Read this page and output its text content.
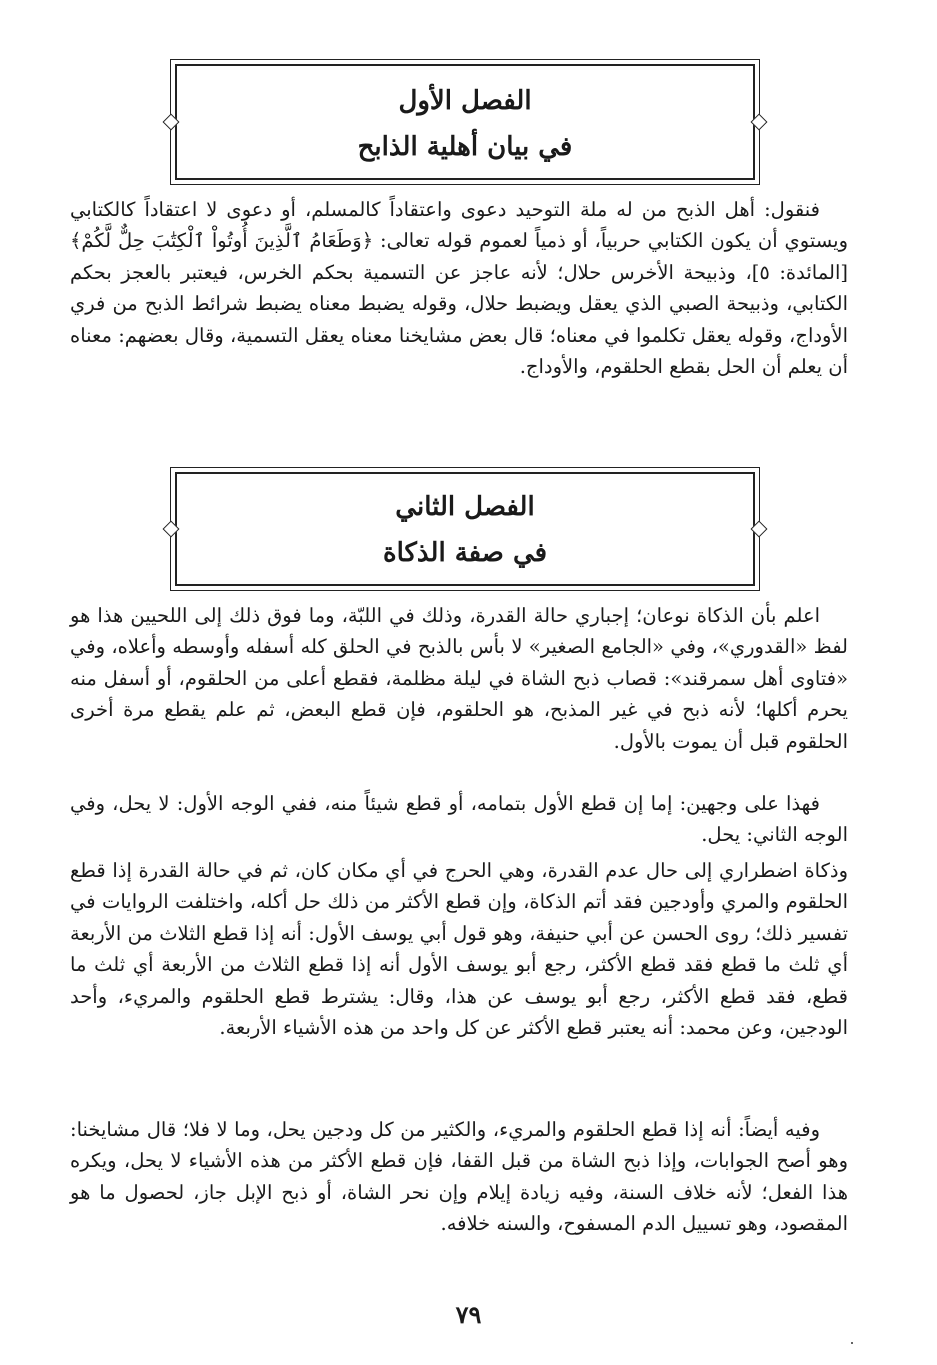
الفصل الأول
في بيان أهلية الذابح

فنقول: أهل الذبح من له ملة التوحيد دعوى واعتقاداً كالمسلم، أو دعوى لا اعتقاداً كالكتابي ويستوي أن يكون الكتابي حربياً، أو ذمياً لعموم قوله تعالى: ﴿وَطَعَامُ ٱلَّذِينَ أُوتُواْ ٱلْكِتَٰبَ حِلٌّ لَّكُمْ﴾ [المائدة: ٥]، وذبيحة الأخرس حلال؛ لأنه عاجز عن التسمية بحكم الخرس، فيعتبر بالعجز بحكم الكتابي، وذبيحة الصبي الذي يعقل ويضبط حلال، وقوله يضبط معناه يضبط شرائط الذبح من فري الأوداج، وقوله يعقل تكلموا في معناه؛ قال بعض مشايخنا معناه يعقل التسمية، وقال بعضهم: معناه أن يعلم أن الحل بقطع الحلقوم، والأوداج.

الفصل الثاني
في صفة الذكاة

اعلم بأن الذكاة نوعان؛ إجباري حالة القدرة، وذلك في اللبّة، وما فوق ذلك إلى اللحيين هذا هو لفظ «القدوري»، وفي «الجامع الصغير» لا بأس بالذبح في الحلق كله أسفله وأوسطه وأعلاه، وفي «فتاوى أهل سمرقند»: قصاب ذبح الشاة في ليلة مظلمة، فقطع أعلى من الحلقوم، أو أسفل منه يحرم أكلها؛ لأنه ذبح في غير المذبح، هو الحلقوم، فإن قطع البعض، ثم علم يقطع مرة أخرى الحلقوم قبل أن يموت بالأول.

فهذا على وجهين: إما إن قطع الأول بتمامه، أو قطع شيئاً منه، ففي الوجه الأول: لا يحل، وفي الوجه الثاني: يحل.

وذكاة اضطراري إلى حال عدم القدرة، وهي الحرج في أي مكان كان، ثم في حالة القدرة إذا قطع الحلقوم والمري وأودجين فقد أتم الذكاة، وإن قطع الأكثر من ذلك حل أكله، واختلفت الروايات في تفسير ذلك؛ روى الحسن عن أبي حنيفة، وهو قول أبي يوسف الأول: أنه إذا قطع الثلاث من الأربعة أي ثلث ما قطع فقد قطع الأكثر، رجع أبو يوسف الأول أنه إذا قطع الثلاث من الأربعة أي ثلث ما قطع، فقد قطع الأكثر، رجع أبو يوسف عن هذا، وقال: يشترط قطع الحلقوم والمريء، وأحد الودجين، وعن محمد: أنه يعتبر قطع الأكثر عن كل واحد من هذه الأشياء الأربعة.

وفيه أيضاً: أنه إذا قطع الحلقوم والمريء، والكثير من كل ودجين يحل، وما لا فلا؛ قال مشايخنا: وهو أصح الجوابات، وإذا ذبح الشاة من قبل القفا، فإن قطع الأكثر من هذه الأشياء لا يحل، ويكره هذا الفعل؛ لأنه خلاف السنة، وفيه زيادة إيلام وإن نحر الشاة، أو ذبح الإبل جاز، لحصول ما هو المقصود، وهو تسييل الدم المسفوح، والسنه خلافه.

٧٩
